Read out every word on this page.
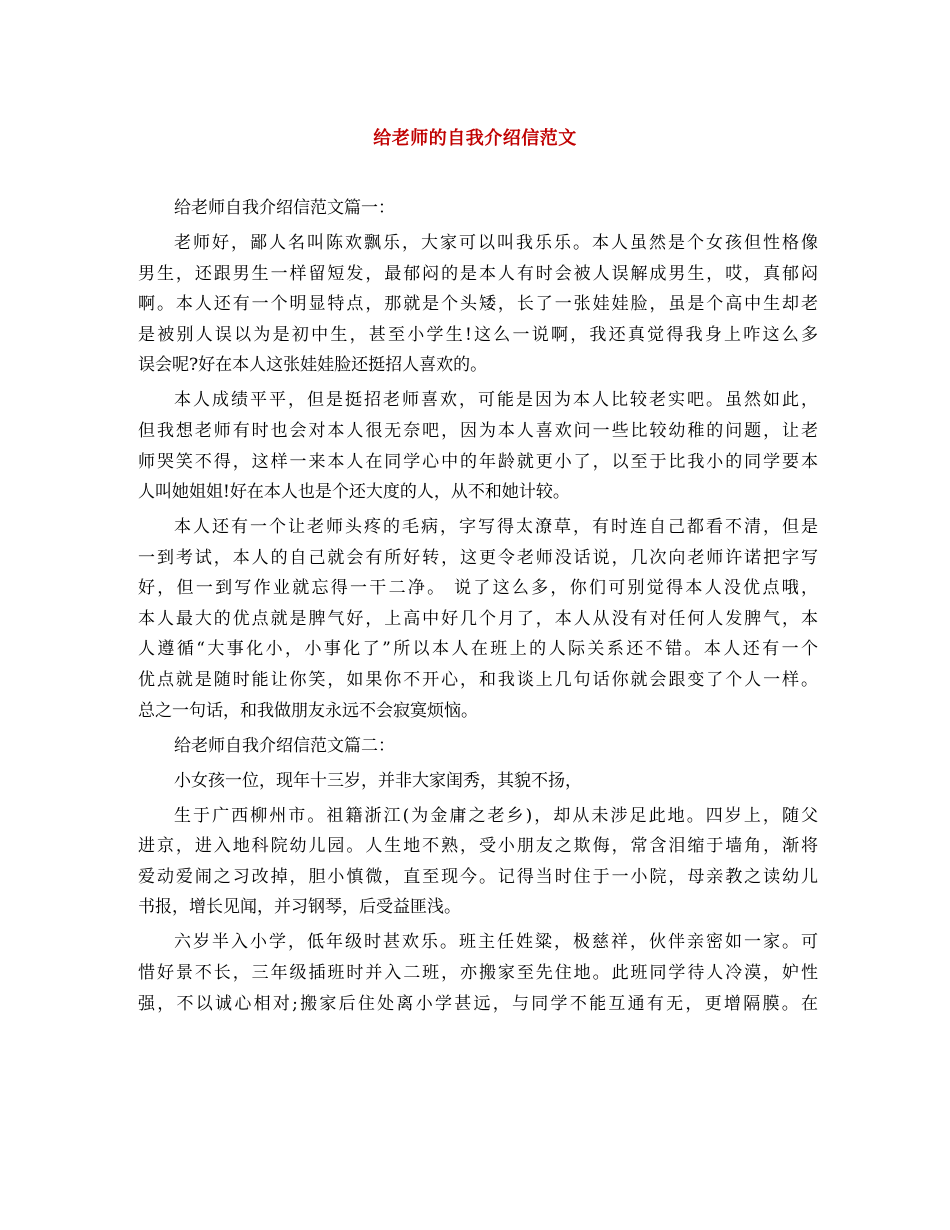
给老师的自我介绍信范文
给老师自我介绍信范文篇一：
老师好，鄙人名叫陈欢飘乐，大家可以叫我乐乐。本人虽然是个女孩但性格像
男生，还跟男生一样留短发，最郁闷的是本人有时会被人误解成男生，哎，真郁闷
啊。本人还有一个明显特点，那就是个头矮，长了一张娃娃脸，虽是个高中生却老
是被别人误以为是初中生，甚至小学生!这么一说啊，我还真觉得我身上咋这么多
误会呢?好在本人这张娃娃脸还挺招人喜欢的。
本人成绩平平，但是挺招老师喜欢，可能是因为本人比较老实吧。虽然如此，
但我想老师有时也会对本人很无奈吧，因为本人喜欢问一些比较幼稚的问题，让老
师哭笑不得，这样一来本人在同学心中的年龄就更小了，以至于比我小的同学要本
人叫她姐姐!好在本人也是个还大度的人，从不和她计较。
本人还有一个让老师头疼的毛病，字写得太潦草，有时连自己都看不清，但是
一到考试，本人的自己就会有所好转，这更令老师没话说，几次向老师许诺把字写
好，但一到写作业就忘得一干二净。 说了这么多，你们可别觉得本人没优点哦，
本人最大的优点就是脾气好，上高中好几个月了，本人从没有对任何人发脾气，本
人遵循“大事化小，小事化了”所以本人在班上的人际关系还不错。本人还有一个
优点就是随时能让你笑，如果你不开心，和我谈上几句话你就会跟变了个人一样。
总之一句话，和我做朋友永远不会寂寞烦恼。
给老师自我介绍信范文篇二：
小女孩一位，现年十三岁，并非大家闺秀，其貌不扬，
生于广西柳州市。祖籍浙江(为金庸之老乡)，却从未涉足此地。四岁上，随父
进京，进入地科院幼儿园。人生地不熟，受小朋友之欺侮，常含泪缩于墙角，渐将
爱动爱闹之习改掉，胆小慎微，直至现今。记得当时住于一小院，母亲教之读幼儿
书报，增长见闻，并习钢琴，后受益匪浅。
六岁半入小学，低年级时甚欢乐。班主任姓粱，极慈祥，伙伴亲密如一家。可
惜好景不长，三年级插班时并入二班，亦搬家至先住地。此班同学待人冷漠，妒性
强，不以诚心相对;搬家后住处离小学甚远，与同学不能互通有无，更增隔膜。在
